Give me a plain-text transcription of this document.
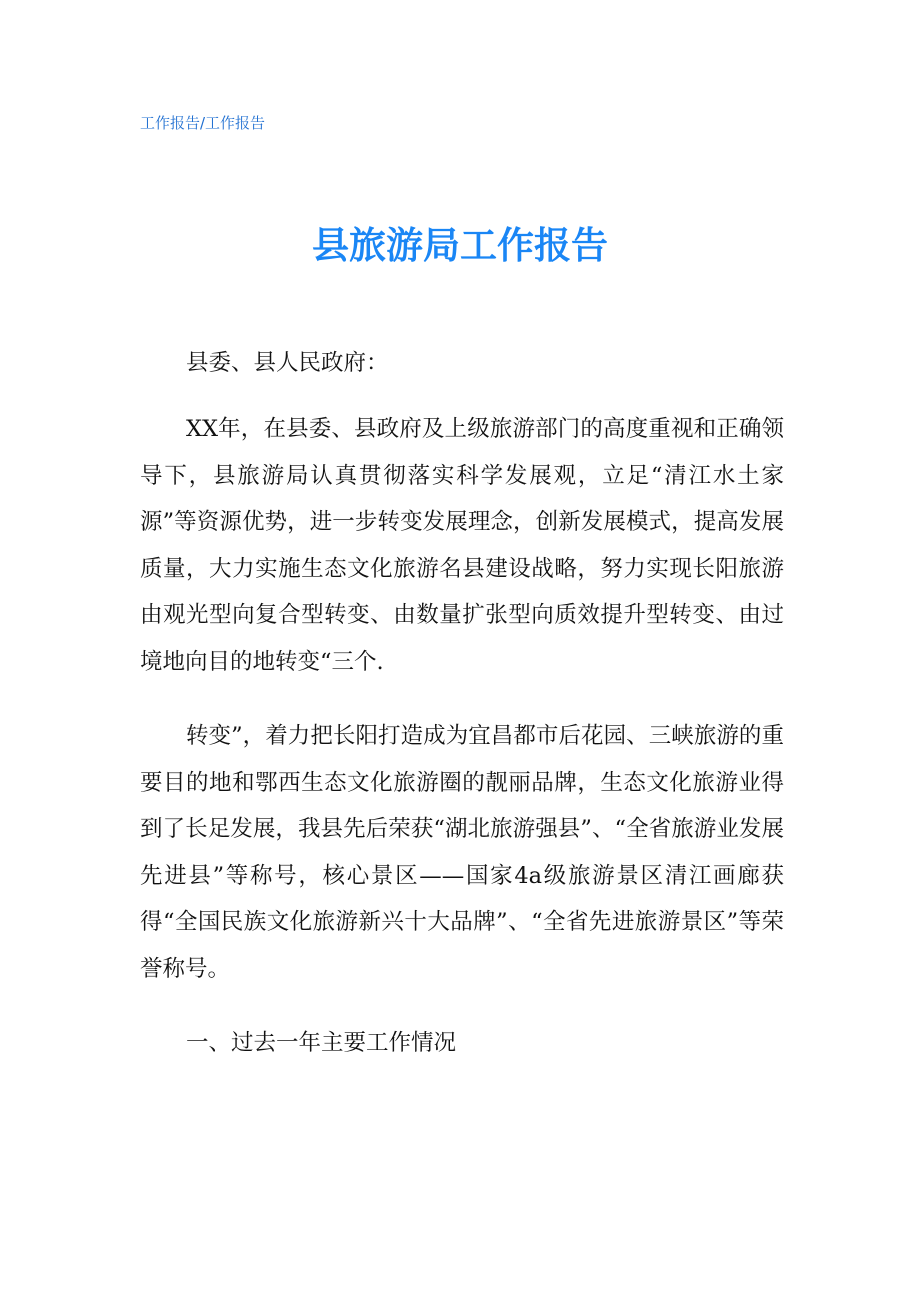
工作报告/工作报告
县旅游局工作报告
县委、县人民政府：
XX年，在县委、县政府及上级旅游部门的高度重视和正确领导下，县旅游局认真贯彻落实科学发展观，立足“清江水土家源”等资源优势，进一步转变发展理念，创新发展模式，提高发展质量，大力实施生态文化旅游名县建设战略，努力实现长阳旅游由观光型向复合型转变、由数量扩张型向质效提升型转变、由过境地向目的地转变“三个.
转变”，着力把长阳打造成为宜昌都市后花园、三峡旅游的重要目的地和鄂西生态文化旅游圈的靓丽品牌，生态文化旅游业得到了长足发展，我县先后荣获“湖北旅游强县”、“全省旅游业发展先进县”等称号，核心景区——国家4a级旅游景区清江画廊获得“全国民族文化旅游新兴十大品牌”、“全省先进旅游景区”等荣誉称号。
一、过去一年主要工作情况
